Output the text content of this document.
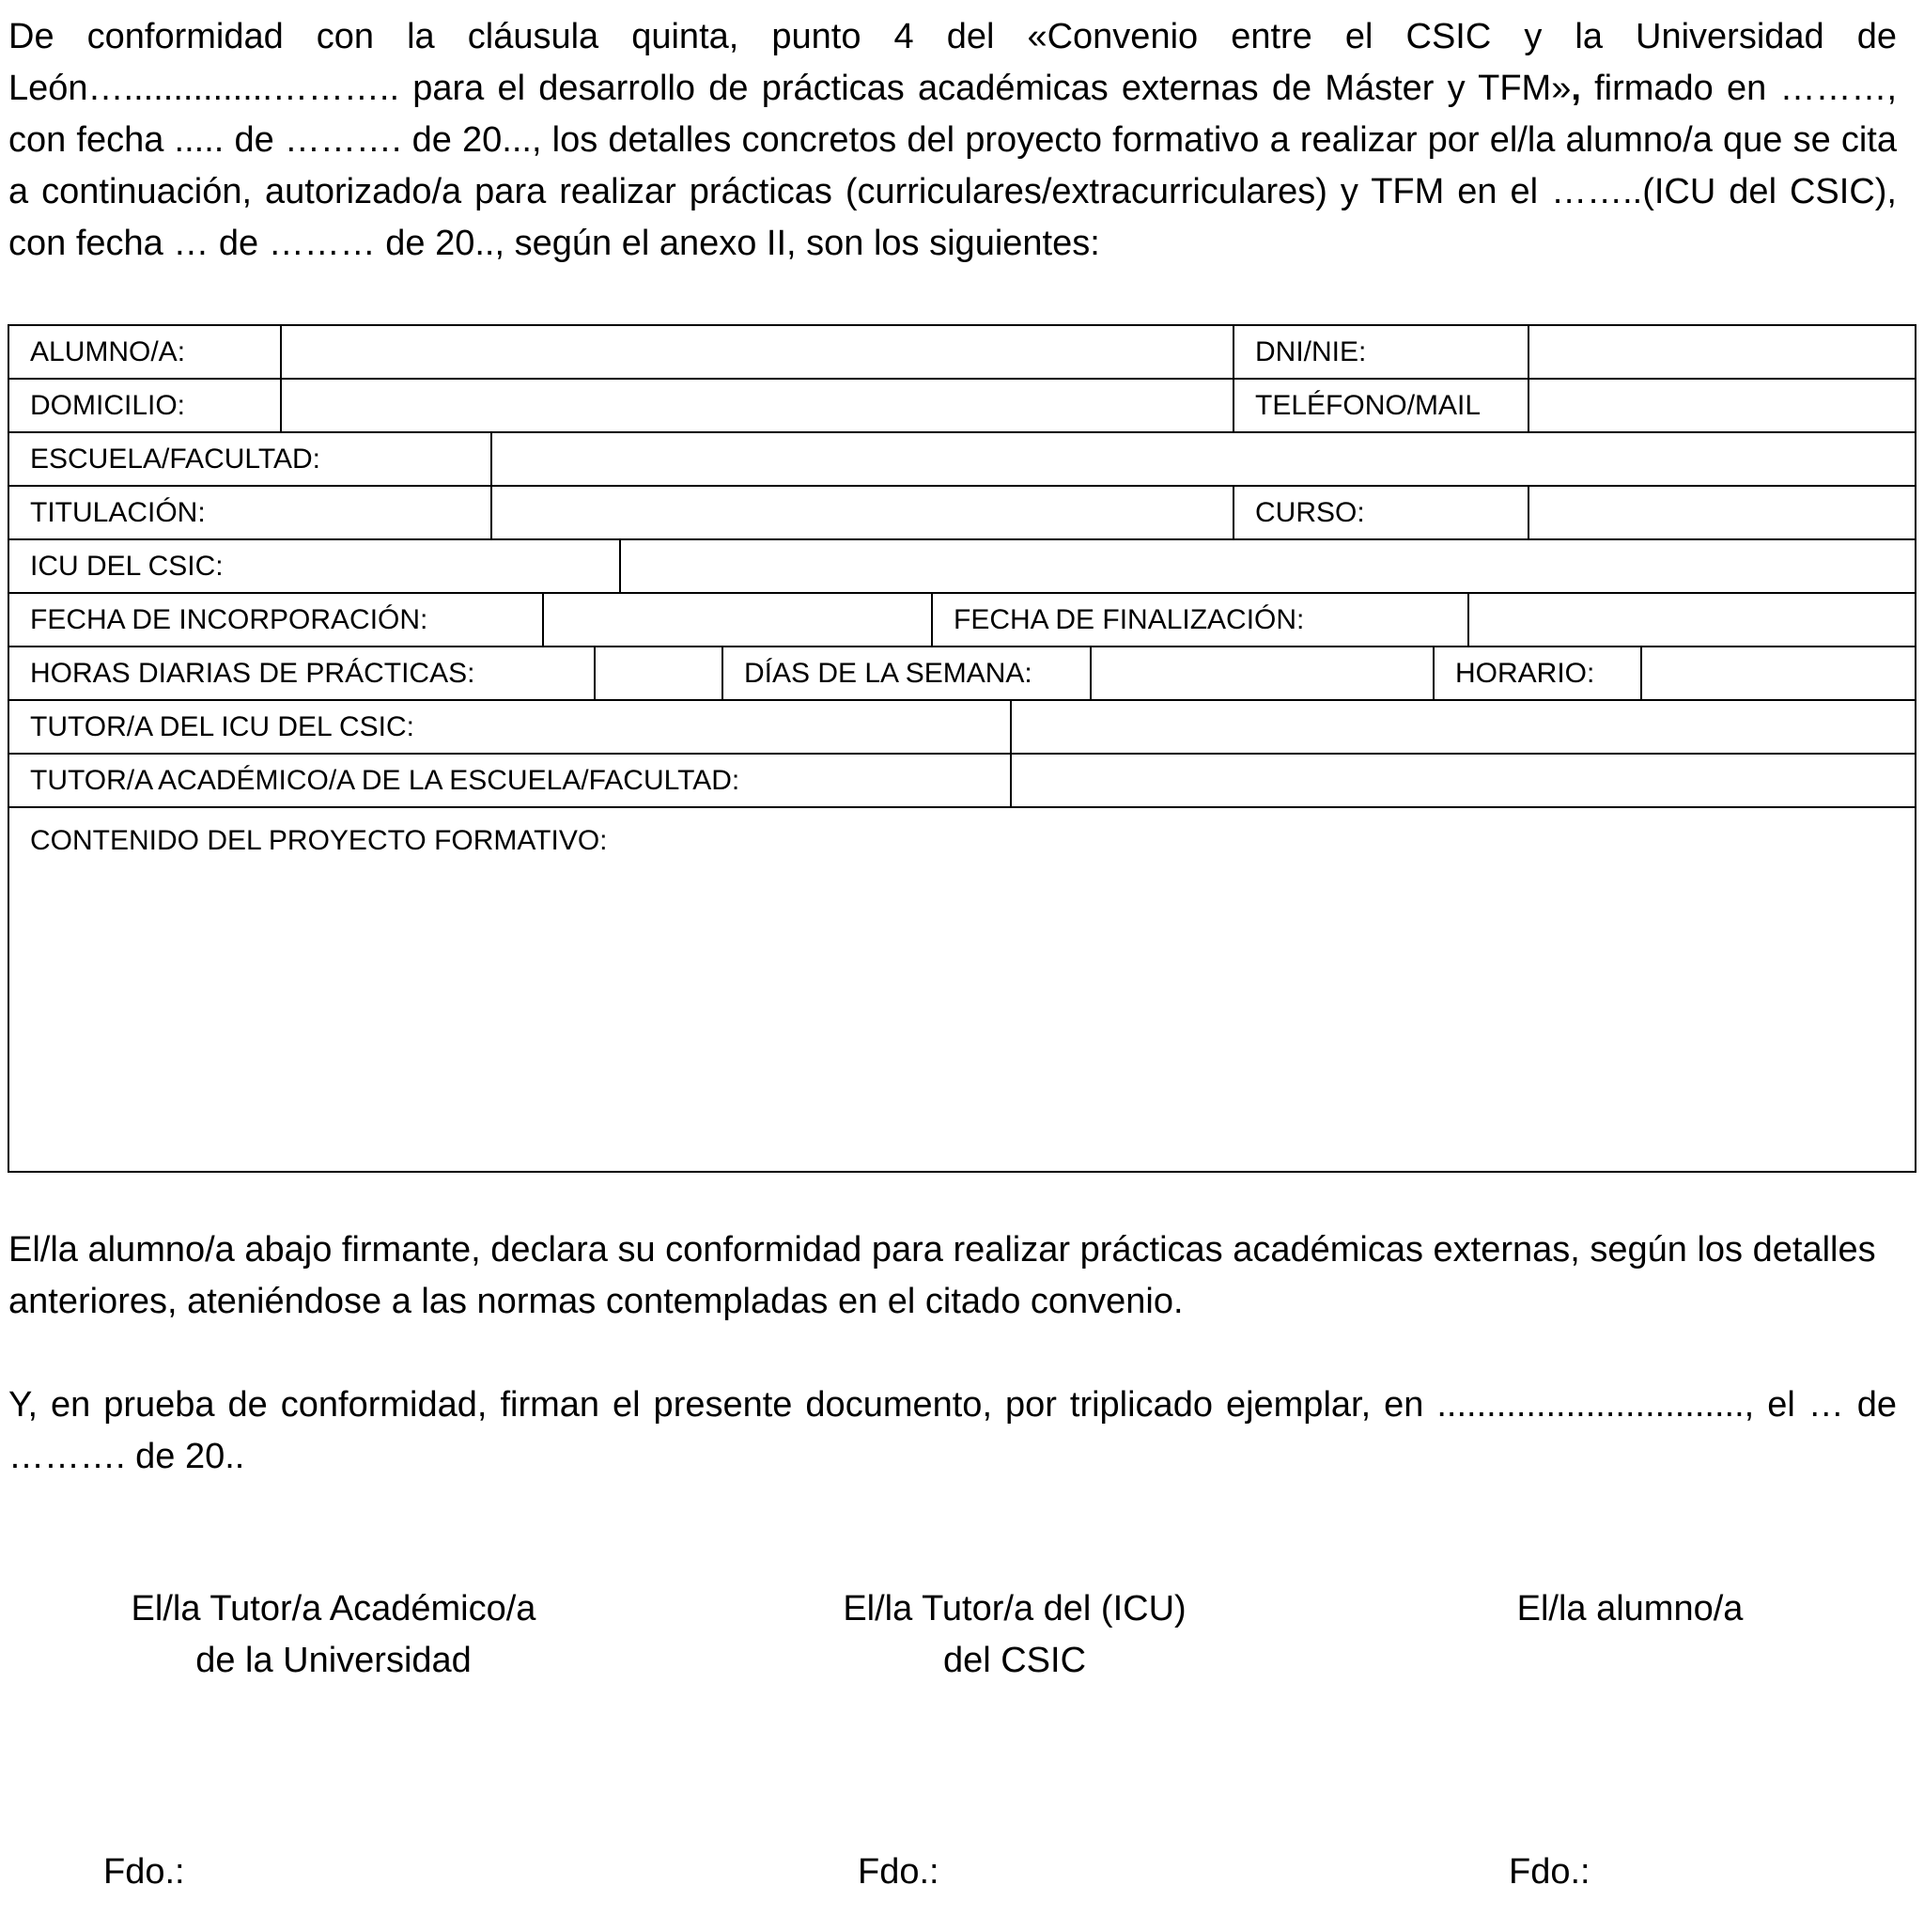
De conformidad con la cláusula quinta, punto 4 del «Convenio entre el CSIC y la Universidad de León…...............……….. para el desarrollo de prácticas académicas externas de Máster y TFM», firmado en ………, con fecha ..... de ………. de 20..., los detalles concretos del proyecto formativo a realizar por el/la alumno/a que se cita a continuación, autorizado/a para realizar prácticas (curriculares/extracurriculares) y TFM en el ……..(ICU del CSIC), con fecha … de ……… de 20.., según el anexo II, son los siguientes:

ALUMNO/A:	DNI/NIE:
DOMICILIO:	TELÉFONO/MAIL
ESCUELA/FACULTAD:
TITULACIÓN:	CURSO:
ICU DEL CSIC:
FECHA DE INCORPORACIÓN:	FECHA DE FINALIZACIÓN:
HORAS DIARIAS DE PRÁCTICAS:	DÍAS DE LA SEMANA:	HORARIO:
TUTOR/A DEL ICU DEL CSIC:
TUTOR/A ACADÉMICO/A DE LA ESCUELA/FACULTAD:
CONTENIDO DEL PROYECTO FORMATIVO:

El/la alumno/a abajo firmante, declara su conformidad para realizar prácticas académicas externas, según los detalles anteriores, ateniéndose a las normas contempladas en el citado convenio.

Y, en prueba de conformidad, firman el presente documento, por triplicado ejemplar, en ..............................., el … de ………. de 20..

El/la Tutor/a Académico/a
de la Universidad
El/la Tutor/a del (ICU)
del CSIC
El/la alumno/a
Fdo.:	Fdo.:	Fdo.:
